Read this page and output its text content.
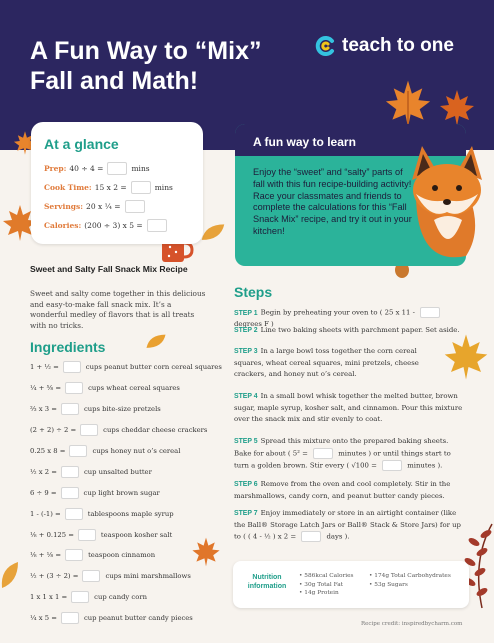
A Fun Way to “Mix” Fall and Math!
teach to one
At a glance
Prep: 40 ÷ 4 =	mins
Cook Time: 15 x 2 =	mins
Servings: 20 x ¼ =
Calories: (200 ÷ 3) x 5 =
A fun way to learn
Enjoy the “sweet” and “salty” parts of fall with this fun recipe-building activity! Race your classmates and friends to complete the calculations for this “Fall Snack Mix” recipe, and try it out in your kitchen!
Sweet and Salty Fall Snack Mix Recipe
Sweet and salty come together in this delicious and easy-to-make fall snack mix. It’s a wonderful medley of flavors that is all treats with no tricks.
Ingredients
1 + ½ =	cups peanut butter corn cereal squares
¼ + ⅝ =	cups wheat cereal squares
⅔ x 3 =	cups bite-size pretzels
(2 + 2) ÷ 2 =	cups cheddar cheese crackers
0.25 x 8 =	cups honey nut o’s cereal
½ x 2 =	cup unsalted butter
6 ÷ 9 =	cup light brown sugar
1 - (-1) =	tablespoons maple syrup
⅛ + 0.125 =	teaspoon kosher salt
⅛ + ⅛ =	teaspoon cinnamon
½ + (3 ÷ 2) =	cups mini marshmallows
1 x 1 x 1 =	cup candy corn
¼ x 5 =	cup peanut butter candy pieces
Steps
STEP 1 Begin by preheating your oven to ( 25 x 11 -  degrees F )
STEP 2 Line two baking sheets with parchment paper. Set aside.
STEP 3 In a large bowl toss together the corn cereal squares, wheat cereal squares, mini pretzels, cheese crackers, and honey nut o’s cereal.
STEP 4 In a small bowl whisk together the melted butter, brown sugar, maple syrup, kosher salt, and cinnamon. Pour this mixture over the snack mix and stir evenly to coat.
STEP 5 Spread this mixture onto the prepared baking sheets. Bake for about ( 5² =	minutes ) or until things start to turn a golden brown. Stir every ( √100 =	minutes ).
STEP 6 Remove from the oven and cool completely. Stir in the marshmallows, candy corn, and peanut butter candy pieces.
STEP 7 Enjoy immediately or store in an airtight container (like the Ball® Storage Latch Jars or Ball® Stack & Store Jars) for up to ( ( 4 - ½ ) x 2 =	days ).
Nutrition information
• 586kcal Calories
• 30g Total Fat
• 14g Protein
• 174g Total Carbohydrates
• 53g Sugars
Recipe credit: inspiredbycharm.com
